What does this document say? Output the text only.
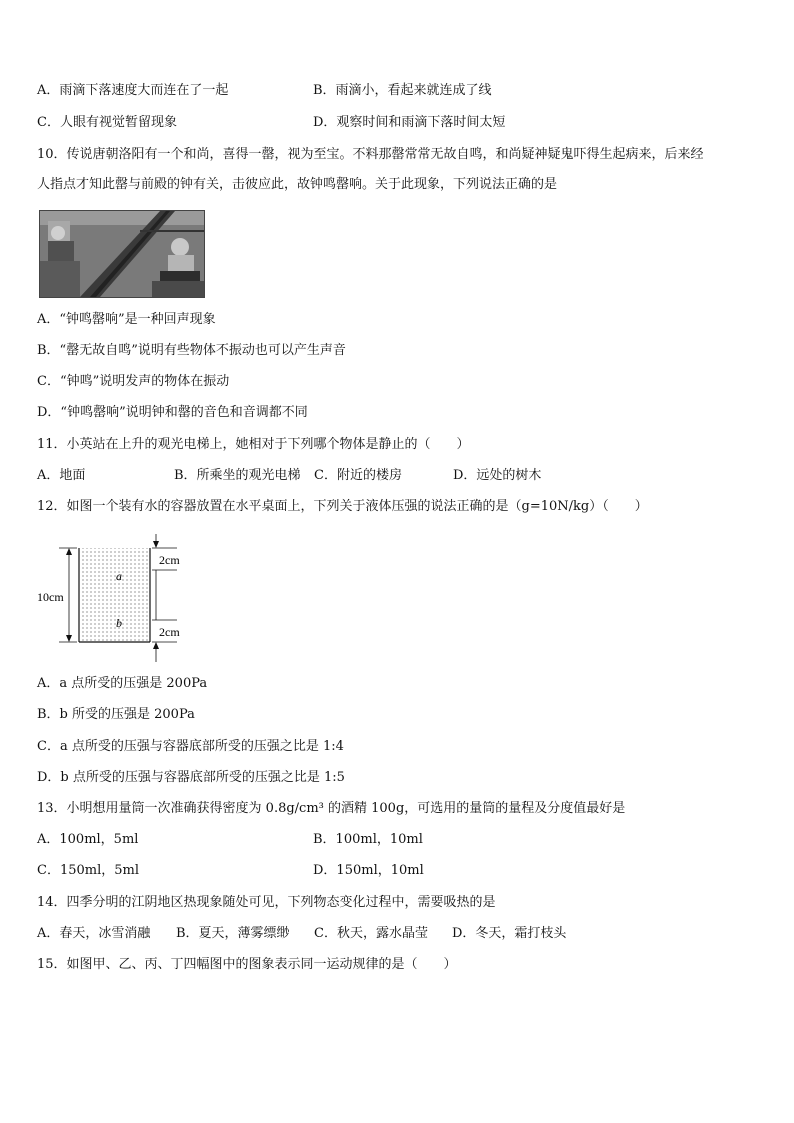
A．雨滴下落速度大而连在了一起	B．雨滴小，看起来就连成了线
C．人眼有视觉暂留现象	D．观察时间和雨滴下落时间太短
10．传说唐朝洛阳有一个和尚，喜得一罄，视为至宝。不料那罄常常无故自鸣，和尚疑神疑鬼吓得生起病来，后来经
人指点才知此罄与前殿的钟有关，击彼应此，故钟鸣罄响。关于此现象，下列说法正确的是
A．“钟鸣罄响”是一种回声现象
B．“罄无故自鸣”说明有些物体不振动也可以产生声音
C．“钟鸣”说明发声的物体在振动
D．“钟鸣罄响”说明钟和罄的音色和音调都不同
11．小英站在上升的观光电梯上，她相对于下列哪个物体是静止的（　　）
A．地面	B．所乘坐的观光电梯 C．附近的楼房	D．远处的树木
12．如图一个装有水的容器放置在水平桌面上，下列关于液体压强的说法正确的是（g=10N/kg）（　　）
10cm
2cm
2cm
a
b
A．a 点所受的压强是 200Pa
B．b 所受的压强是 200Pa
C．a 点所受的压强与容器底部所受的压强之比是 1:4
D．b 点所受的压强与容器底部所受的压强之比是 1:5
13．小明想用量筒一次准确获得密度为 0.8g/cm³ 的酒精 100g，可选用的量筒的量程及分度值最好是
A．100ml，5ml	B．100ml，10ml
C．150ml，5ml	D．150ml，10ml
14．四季分明的江阴地区热现象随处可见，下列物态变化过程中，需要吸热的是
A．春天，冰雪消融 B．夏天，薄雾缥缈 C．秋天，露水晶莹 D．冬天，霜打枝头
15．如图甲、乙、丙、丁四幅图中的图象表示同一运动规律的是（　　）
